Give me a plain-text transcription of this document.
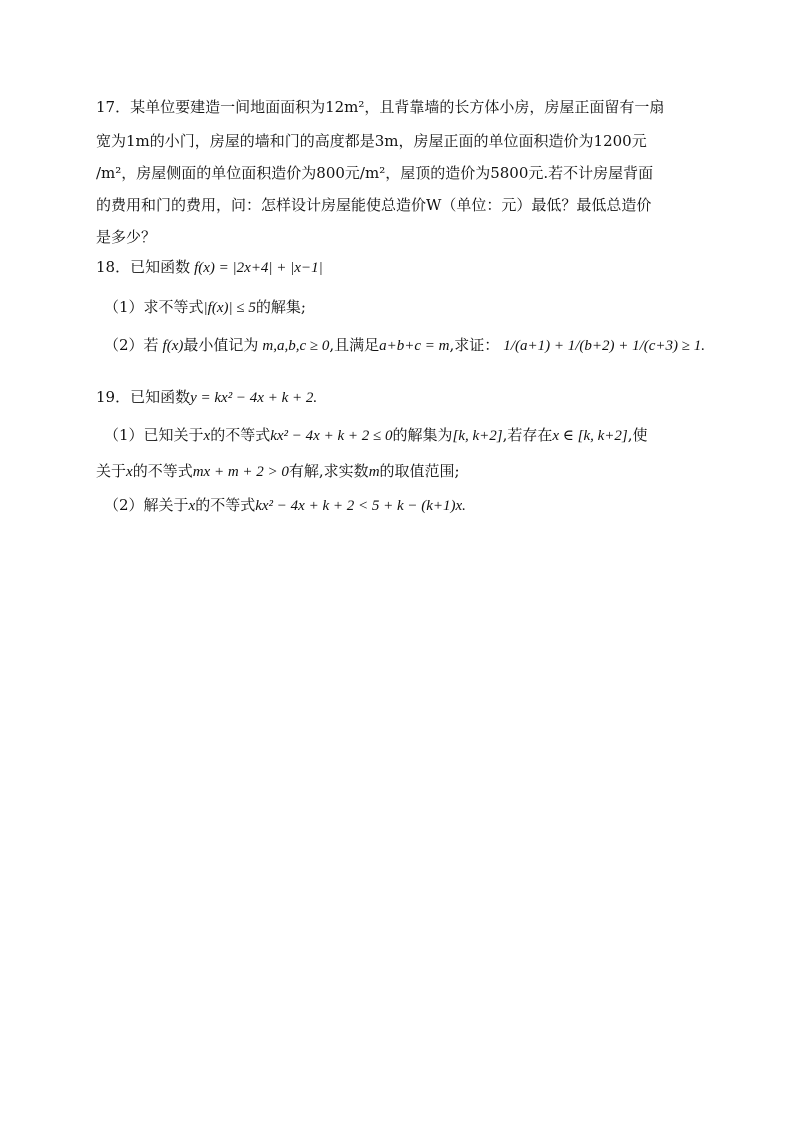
17．某单位要建造一间地面面积为12m²，且背靠墙的长方体小房，房屋正面留有一扇
宽为1m的小门，房屋的墙和门的高度都是3m，房屋正面的单位面积造价为1200元
/m²，房屋侧面的单位面积造价为800元/m²，屋顶的造价为5800元.若不计房屋背面
的费用和门的费用，问：怎样设计房屋能使总造价W（单位：元）最低？最低总造价
是多少？
18．已知函数 f(x) = |2x+4| + |x−1|
（1）求不等式|f(x)| ≤ 5的解集;
（2）若 f(x)最小值记为 m,a,b,c ≥ 0,且满足a+b+c = m,求证： 1/(a+1) + 1/(b+2) + 1/(c+3) ≥ 1.
19．已知函数y = kx² − 4x + k + 2.
（1）已知关于x的不等式kx² − 4x + k + 2 ≤ 0的解集为[k, k+2],若存在x ∈ [k, k+2],使
关于x的不等式mx + m + 2 > 0有解,求实数m的取值范围;
（2）解关于x的不等式kx² − 4x + k + 2 < 5 + k − (k+1)x.
